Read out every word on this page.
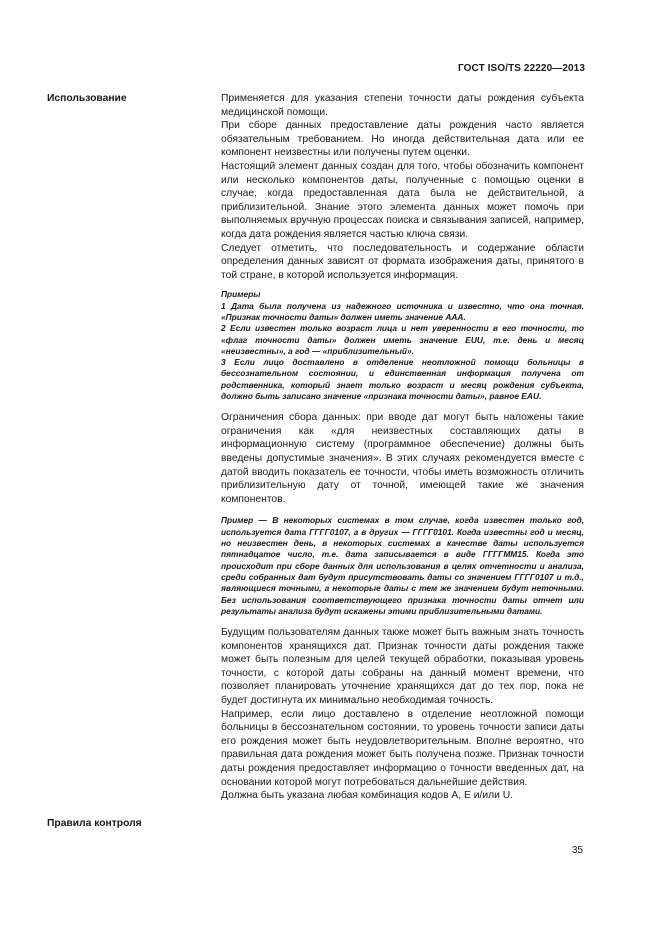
ГОСТ ISO/TS 22220—2013
Использование	Применяется для указания степени точности даты рождения субъекта медицинской помощи.

При сборе данных предоставление даты рождения часто является обязательным требованием. Но иногда действительная дата или ее компонент неизвестны или получены путем оценки.

Настоящий элемент данных создан для того, чтобы обозначить компонент или несколько компонентов даты, полученные с помощью оценки в случае, когда предоставленная дата была не действительной, а приблизительной. Знание этого элемента данных может помочь при выполняемых вручную процессах поиска и связывания записей, например, когда дата рождения является частью ключа связи.

Следует отметить, что последовательность и содержание области определения данных зависят от формата изображения даты, принятого в той стране, в которой используется информация.

Примеры

1 Дата была получена из надежного источника и известно, что она точная. «Признак точности даты» должен иметь значение AAA.

2 Если известен только возраст лица и нет уверенности в его точности, то «флаг точности даты» должен иметь значение EUU, т.е. день и месяц «неизвестны», а год — «приблизительный».

3 Если лицо доставлено в отделение неотложной помощи больницы в бессознательном состоянии, и единственная информация получена от родственника, который знает только возраст и месяц рождения субъекта, должно быть записано значение «признака точности даты», равное EAU.

Ограничения сбора данных: при вводе дат могут быть наложены такие ограничения как «для неизвестных составляющих даты в информационную систему (программное обеспечение) должны быть введены допустимые значения». В этих случаях рекомендуется вместе с датой вводить показатель ее точности, чтобы иметь возможность отличить приблизительную дату от точной, имеющей такие же значения компонентов.

Пример — В некоторых системах в том случае, когда известен только год, используется дата ГГГГ0107, а в других — ГГГГ0101. Когда известны год и месяц, но неизвестен день, в некоторых системах в качестве даты используется пятнадцатое число, т.е. дата записывается в виде ГГГГММ15. Когда это происходит при сборе данных для использования в целях отчетности и анализа, среди собранных дат будут присутствовать даты со значением ГГГГ0107 и т.д., являющиеся точными, а некоторые даты с тем же значением будут неточными. Без использования соответствующего признака точности даты отчет или результаты анализа будут искажены этими приблизительными датами.

Будущим пользователям данных также может быть важным знать точность компонентов хранящихся дат. Признак точности даты рождения также может быть полезным для целей текущей обработки, показывая уровень точности, с которой даты собраны на данный момент времени, что позволяет планировать уточнение хранящихся дат до тех пор, пока не будет достигнута их минимально необходимая точность.

Например, если лицо доставлено в отделение неотложной помощи больницы в бессознательном состоянии, то уровень точности записи даты его рождения может быть неудовлетворительным. Вполне вероятно, что правильная дата рождения может быть получена позже. Признак точности даты рождения предоставляет информацию о точности введенных дат, на основании которой могут потребоваться дальнейшие действия.

Должна быть указана любая комбинация кодов A, E и/или U.

Правила контроля
35
